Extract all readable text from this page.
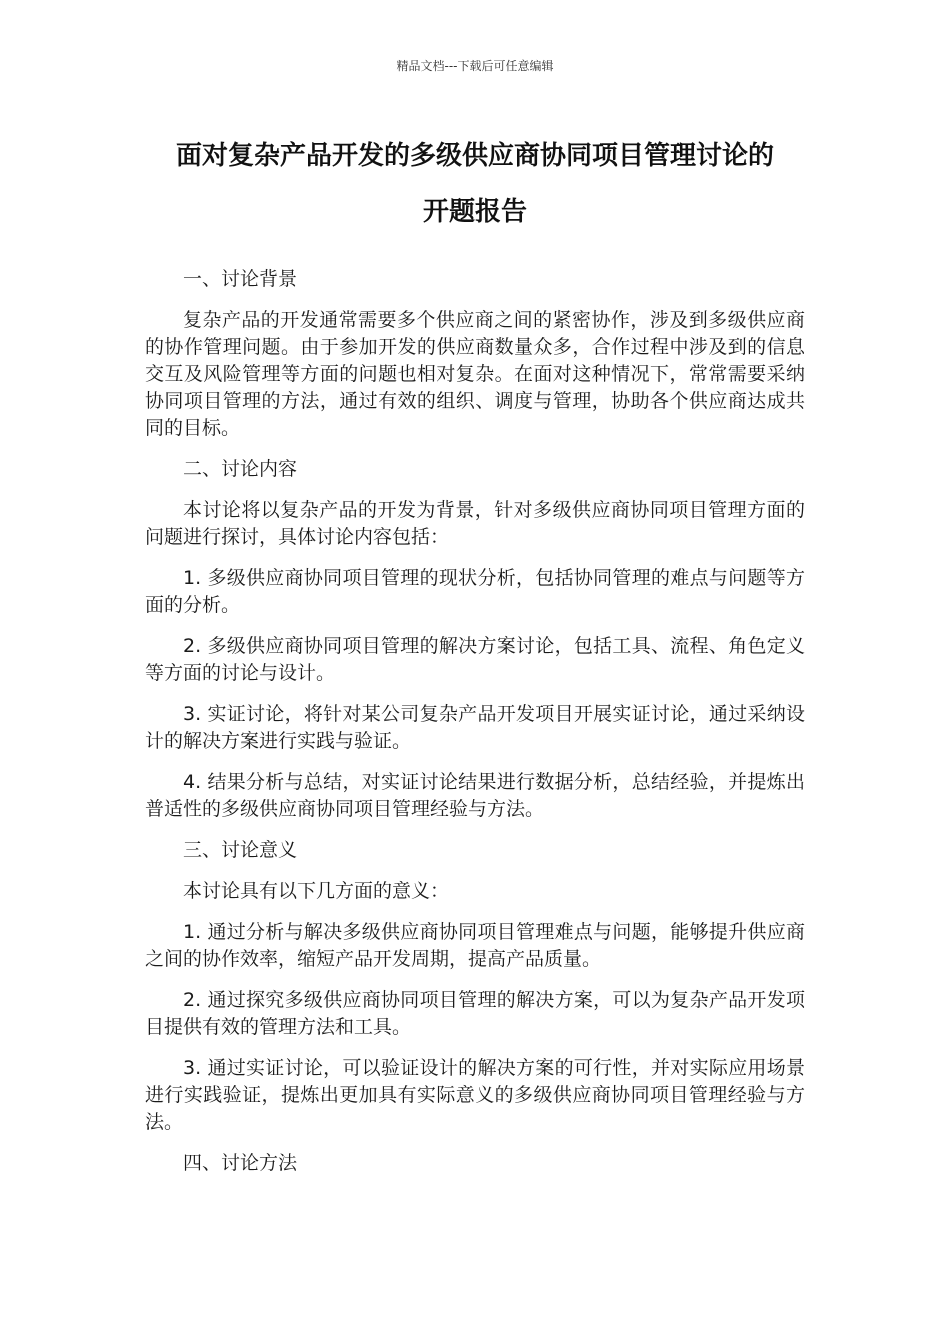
精品文档---下载后可任意编辑
面对复杂产品开发的多级供应商协同项目管理讨论的
开题报告

一、讨论背景

复杂产品的开发通常需要多个供应商之间的紧密协作，涉及到多级供应商的协作管理问题。由于参加开发的供应商数量众多，合作过程中涉及到的信息交互及风险管理等方面的问题也相对复杂。在面对这种情况下，常常需要采纳协同项目管理的方法，通过有效的组织、调度与管理，协助各个供应商达成共同的目标。

二、讨论内容

本讨论将以复杂产品的开发为背景，针对多级供应商协同项目管理方面的问题进行探讨，具体讨论内容包括：

1. 多级供应商协同项目管理的现状分析，包括协同管理的难点与问题等方面的分析。

2. 多级供应商协同项目管理的解决方案讨论，包括工具、流程、角色定义等方面的讨论与设计。

3. 实证讨论，将针对某公司复杂产品开发项目开展实证讨论，通过采纳设计的解决方案进行实践与验证。

4. 结果分析与总结，对实证讨论结果进行数据分析，总结经验，并提炼出普适性的多级供应商协同项目管理经验与方法。

三、讨论意义

本讨论具有以下几方面的意义：

1. 通过分析与解决多级供应商协同项目管理难点与问题，能够提升供应商之间的协作效率，缩短产品开发周期，提高产品质量。

2. 通过探究多级供应商协同项目管理的解决方案，可以为复杂产品开发项目提供有效的管理方法和工具。

3. 通过实证讨论，可以验证设计的解决方案的可行性，并对实际应用场景进行实践验证，提炼出更加具有实际意义的多级供应商协同项目管理经验与方法。

四、讨论方法
